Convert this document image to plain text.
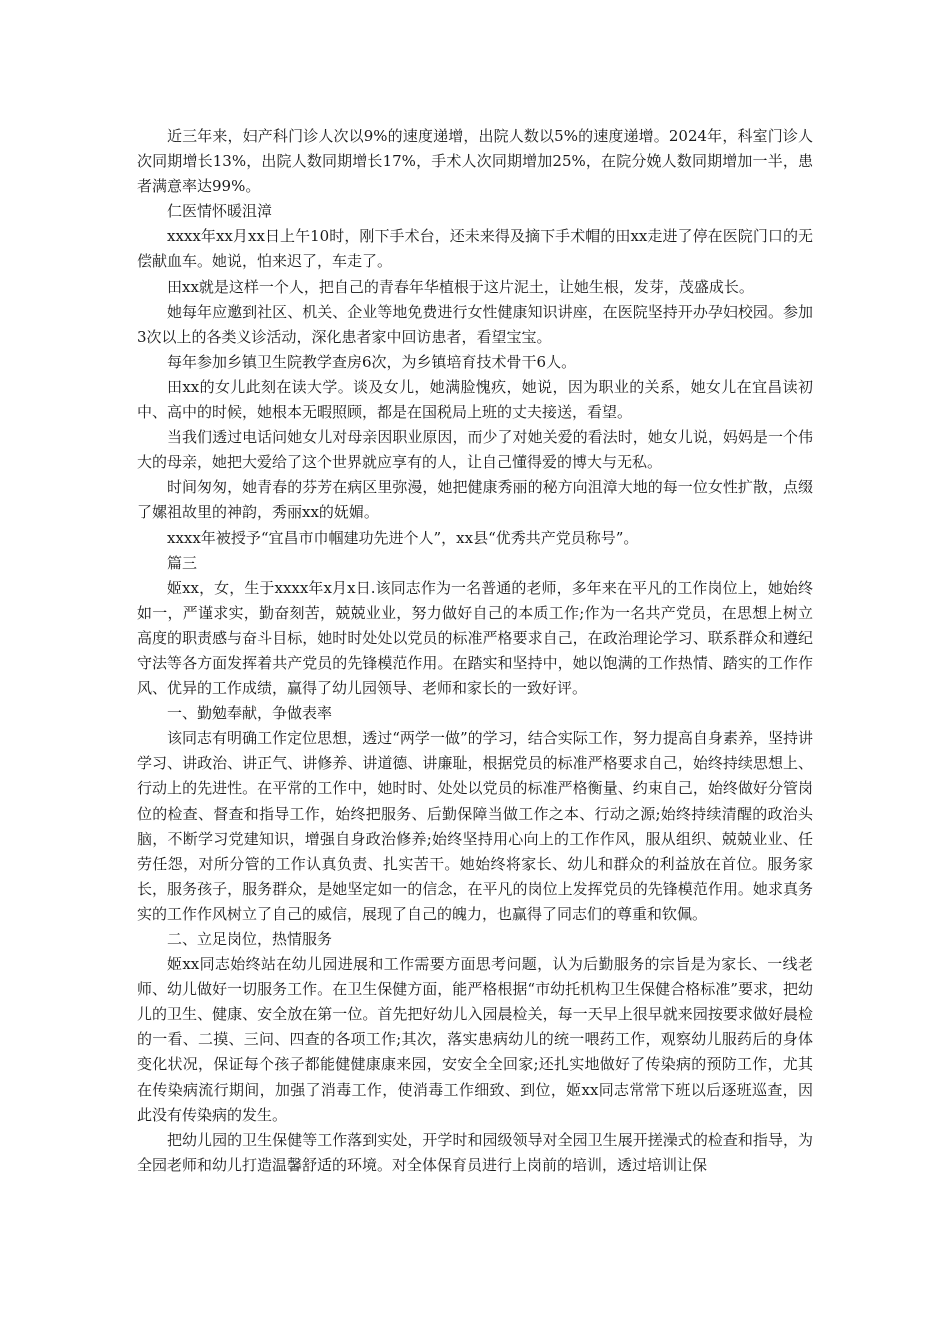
近三年来，妇产科门诊人次以9%的速度递增，出院人数以5%的速度递增。2024年，科室门诊人次同期增长13%，出院人数同期增长17%，手术人次同期增加25%，在院分娩人数同期增加一半，患者满意率达99%。

仁医情怀暖沮漳

xxxx年xx月xx日上午10时，刚下手术台，还未来得及摘下手术帽的田xx走进了停在医院门口的无偿献血车。她说，怕来迟了，车走了。

田xx就是这样一个人，把自己的青春年华植根于这片泥土，让她生根，发芽，茂盛成长。

她每年应邀到社区、机关、企业等地免费进行女性健康知识讲座，在医院坚持开办孕妇校园。参加3次以上的各类义诊活动，深化患者家中回访患者，看望宝宝。

每年参加乡镇卫生院教学查房6次，为乡镇培育技术骨干6人。

田xx的女儿此刻在读大学。谈及女儿，她满脸愧疚，她说，因为职业的关系，她女儿在宜昌读初中、高中的时候，她根本无暇照顾，都是在国税局上班的丈夫接送，看望。

当我们透过电话问她女儿对母亲因职业原因，而少了对她关爱的看法时，她女儿说，妈妈是一个伟大的母亲，她把大爱给了这个世界就应享有的人，让自己懂得爱的博大与无私。

时间匆匆，她青春的芬芳在病区里弥漫，她把健康秀丽的秘方向沮漳大地的每一位女性扩散，点缀了嫘祖故里的神韵，秀丽xx的妩媚。

xxxx年被授予“宜昌市巾帼建功先进个人”，xx县“优秀共产党员称号”。

篇三

姬xx，女，生于xxxx年x月x日.该同志作为一名普通的老师，多年来在平凡的工作岗位上，她始终如一，严谨求实，勤奋刻苦，兢兢业业，努力做好自己的本质工作;作为一名共产党员，在思想上树立高度的职责感与奋斗目标，她时时处处以党员的标准严格要求自己，在政治理论学习、联系群众和遵纪守法等各方面发挥着共产党员的先锋模范作用。在踏实和坚持中，她以饱满的工作热情、踏实的工作作风、优异的工作成绩，赢得了幼儿园领导、老师和家长的一致好评。

一、勤勉奉献，争做表率

该同志有明确工作定位思想，透过“两学一做”的学习，结合实际工作，努力提高自身素养，坚持讲学习、讲政治、讲正气、讲修养、讲道德、讲廉耻，根据党员的标准严格要求自己，始终持续思想上、行动上的先进性。在平常的工作中，她时时、处处以党员的标准严格衡量、约束自己，始终做好分管岗位的检查、督查和指导工作，始终把服务、后勤保障当做工作之本、行动之源;始终持续清醒的政治头脑，不断学习党建知识，增强自身政治修养;始终坚持用心向上的工作作风，服从组织、兢兢业业、任劳任怨，对所分管的工作认真负责、扎实苦干。她始终将家长、幼儿和群众的利益放在首位。服务家长，服务孩子，服务群众，是她坚定如一的信念，在平凡的岗位上发挥党员的先锋模范作用。她求真务实的工作作风树立了自己的威信，展现了自己的魄力，也赢得了同志们的尊重和钦佩。

二、立足岗位，热情服务

姬xx同志始终站在幼儿园进展和工作需要方面思考问题，认为后勤服务的宗旨是为家长、一线老师、幼儿做好一切服务工作。在卫生保健方面，能严格根据“市幼托机构卫生保健合格标准”要求，把幼儿的卫生、健康、安全放在第一位。首先把好幼儿入园晨检关，每一天早上很早就来园按要求做好晨检的一看、二摸、三问、四查的各项工作;其次，落实患病幼儿的统一喂药工作，观察幼儿服药后的身体变化状况，保证每个孩子都能健健康康来园，安安全全回家;还扎实地做好了传染病的预防工作，尤其在传染病流行期间，加强了消毒工作，使消毒工作细致、到位，姬xx同志常常下班以后逐班巡查，因此没有传染病的发生。

把幼儿园的卫生保健等工作落到实处，开学时和园级领导对全园卫生展开搓澡式的检查和指导，为全园老师和幼儿打造温馨舒适的环境。对全体保育员进行上岗前的培训，透过培训让保
